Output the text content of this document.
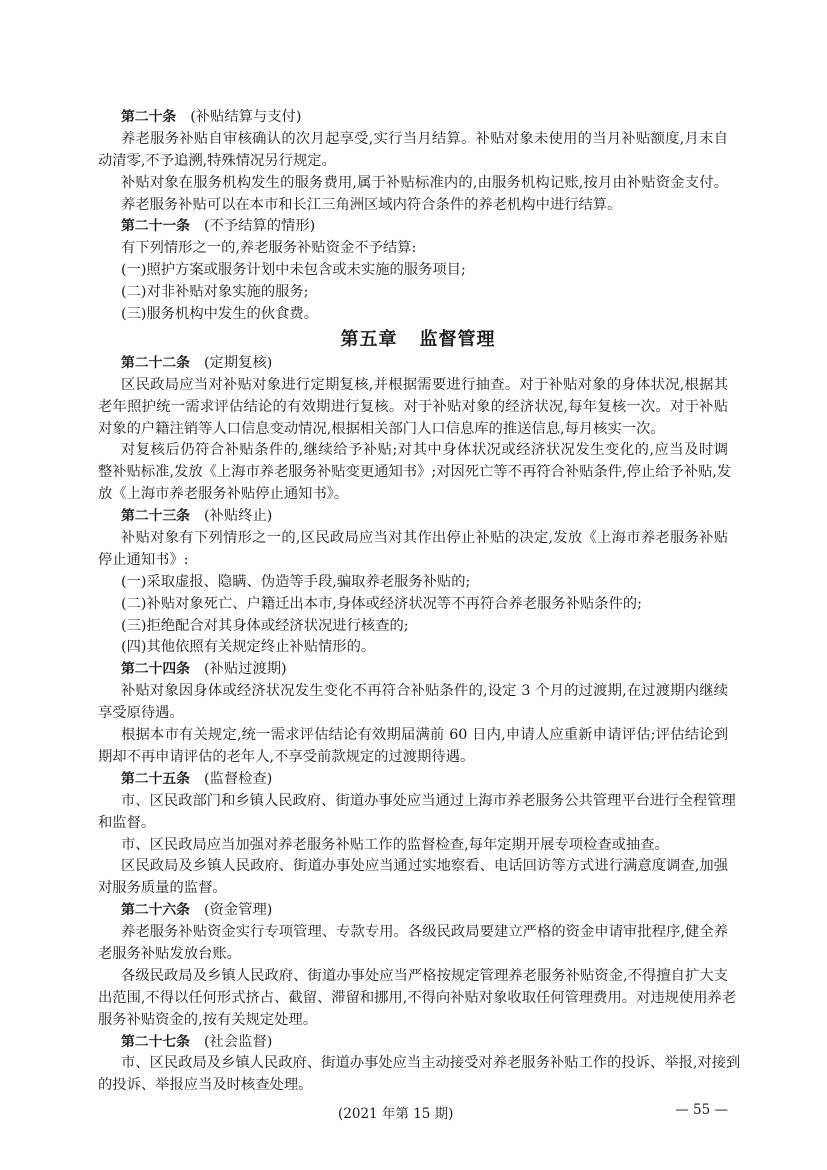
第二十条 (补贴结算与支付)
养老服务补贴自审核确认的次月起享受,实行当月结算。补贴对象未使用的当月补贴额度,月末自
动清零,不予追溯,特殊情况另行规定。
补贴对象在服务机构发生的服务费用,属于补贴标准内的,由服务机构记账,按月由补贴资金支付。
养老服务补贴可以在本市和长江三角洲区域内符合条件的养老机构中进行结算。
第二十一条 (不予结算的情形)
有下列情形之一的,养老服务补贴资金不予结算:
(一)照护方案或服务计划中未包含或未实施的服务项目;
(二)对非补贴对象实施的服务;
(三)服务机构中发生的伙食费。
第五章 监督管理
第二十二条 (定期复核)
区民政局应当对补贴对象进行定期复核,并根据需要进行抽查。对于补贴对象的身体状况,根据其
老年照护统一需求评估结论的有效期进行复核。对于补贴对象的经济状况,每年复核一次。对于补贴
对象的户籍注销等人口信息变动情况,根据相关部门人口信息库的推送信息,每月核实一次。
对复核后仍符合补贴条件的,继续给予补贴;对其中身体状况或经济状况发生变化的,应当及时调
整补贴标准,发放《上海市养老服务补贴变更通知书》;对因死亡等不再符合补贴条件,停止给予补贴,发
放《上海市养老服务补贴停止通知书》。
第二十三条 (补贴终止)
补贴对象有下列情形之一的,区民政局应当对其作出停止补贴的决定,发放《上海市养老服务补贴
停止通知书》:
(一)采取虚报、隐瞒、伪造等手段,骗取养老服务补贴的;
(二)补贴对象死亡、户籍迁出本市,身体或经济状况等不再符合养老服务补贴条件的;
(三)拒绝配合对其身体或经济状况进行核查的;
(四)其他依照有关规定终止补贴情形的。
第二十四条 (补贴过渡期)
补贴对象因身体或经济状况发生变化不再符合补贴条件的,设定 3 个月的过渡期,在过渡期内继续
享受原待遇。
根据本市有关规定,统一需求评估结论有效期届满前 60 日内,申请人应重新申请评估;评估结论到
期却不再申请评估的老年人,不享受前款规定的过渡期待遇。
第二十五条 (监督检查)
市、区民政部门和乡镇人民政府、街道办事处应当通过上海市养老服务公共管理平台进行全程管理
和监督。
市、区民政局应当加强对养老服务补贴工作的监督检查,每年定期开展专项检查或抽查。
区民政局及乡镇人民政府、街道办事处应当通过实地察看、电话回访等方式进行满意度调查,加强
对服务质量的监督。
第二十六条 (资金管理)
养老服务补贴资金实行专项管理、专款专用。各级民政局要建立严格的资金申请审批程序,健全养
老服务补贴发放台账。
各级民政局及乡镇人民政府、街道办事处应当严格按规定管理养老服务补贴资金,不得擅自扩大支
出范围,不得以任何形式挤占、截留、滞留和挪用,不得向补贴对象收取任何管理费用。对违规使用养老
服务补贴资金的,按有关规定处理。
第二十七条 (社会监督)
市、区民政局及乡镇人民政府、街道办事处应当主动接受对养老服务补贴工作的投诉、举报,对接到
的投诉、举报应当及时核查处理。
(2021 年第 15 期)	— 55 —
